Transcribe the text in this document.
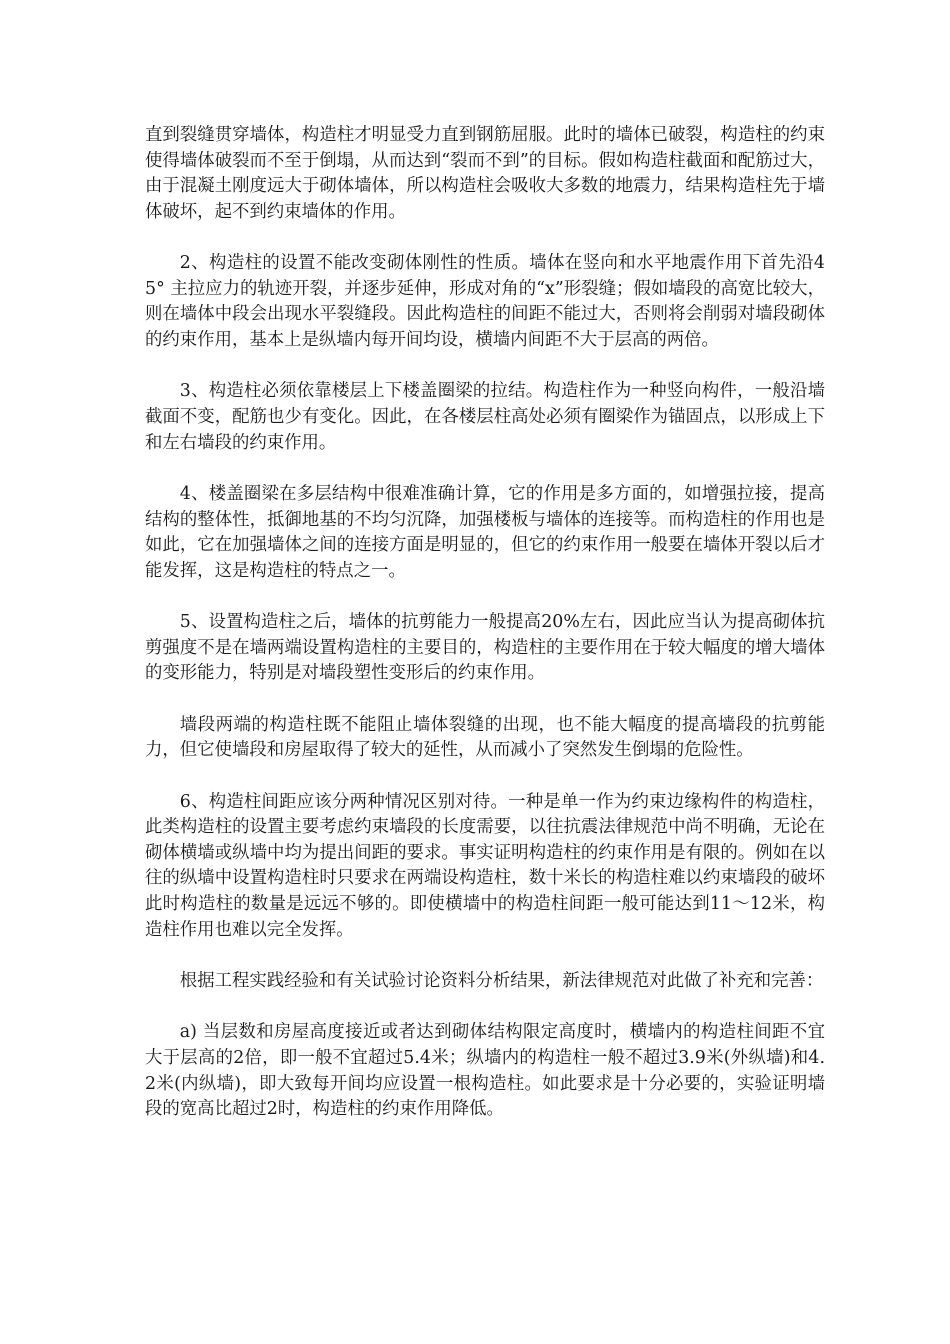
直到裂缝贯穿墙体，构造柱才明显受力直到钢筋屈服。此时的墙体已破裂，构造柱的约束使得墙体破裂而不至于倒塌，从而达到“裂而不到”的目标。假如构造柱截面和配筋过大，由于混凝土刚度远大于砌体墙体，所以构造柱会吸收大多数的地震力，结果构造柱先于墙体破坏，起不到约束墙体的作用。

2、构造柱的设置不能改变砌体刚性的性质。墙体在竖向和水平地震作用下首先沿45° 主拉应力的轨迹开裂，并逐步延伸，形成对角的“x”形裂缝；假如墙段的高宽比较大，则在墙体中段会出现水平裂缝段。因此构造柱的间距不能过大，否则将会削弱对墙段砌体的约束作用，基本上是纵墙内每开间均设，横墙内间距不大于层高的两倍。

3、构造柱必须依靠楼层上下楼盖圈梁的拉结。构造柱作为一种竖向构件，一般沿墙截面不变，配筋也少有变化。因此，在各楼层柱高处必须有圈梁作为锚固点，以形成上下和左右墙段的约束作用。

4、楼盖圈梁在多层结构中很难准确计算，它的作用是多方面的，如增强拉接，提高结构的整体性，抵御地基的不均匀沉降，加强楼板与墙体的连接等。而构造柱的作用也是如此，它在加强墙体之间的连接方面是明显的，但它的约束作用一般要在墙体开裂以后才能发挥，这是构造柱的特点之一。

5、设置构造柱之后，墙体的抗剪能力一般提高20%左右，因此应当认为提高砌体抗剪强度不是在墙两端设置构造柱的主要目的，构造柱的主要作用在于较大幅度的增大墙体的变形能力，特别是对墙段塑性变形后的约束作用。

墙段两端的构造柱既不能阻止墙体裂缝的出现，也不能大幅度的提高墙段的抗剪能力，但它使墙段和房屋取得了较大的延性，从而减小了突然发生倒塌的危险性。

6、构造柱间距应该分两种情况区别对待。一种是单一作为约束边缘构件的构造柱，此类构造柱的设置主要考虑约束墙段的长度需要，以往抗震法律规范中尚不明确，无论在砌体横墙或纵墙中均为提出间距的要求。事实证明构造柱的约束作用是有限的。例如在以往的纵墙中设置构造柱时只要求在两端设构造柱，数十米长的构造柱难以约束墙段的破坏此时构造柱的数量是远远不够的。即使横墙中的构造柱间距一般可能达到11～12米，构造柱作用也难以完全发挥。

根据工程实践经验和有关试验讨论资料分析结果，新法律规范对此做了补充和完善：

a) 当层数和房屋高度接近或者达到砌体结构限定高度时，横墙内的构造柱间距不宜大于层高的2倍，即一般不宜超过5.4米；纵墙内的构造柱一般不超过3.9米(外纵墙)和4.2米(内纵墙)，即大致每开间均应设置一根构造柱。如此要求是十分必要的，实验证明墙段的宽高比超过2时，构造柱的约束作用降低。
